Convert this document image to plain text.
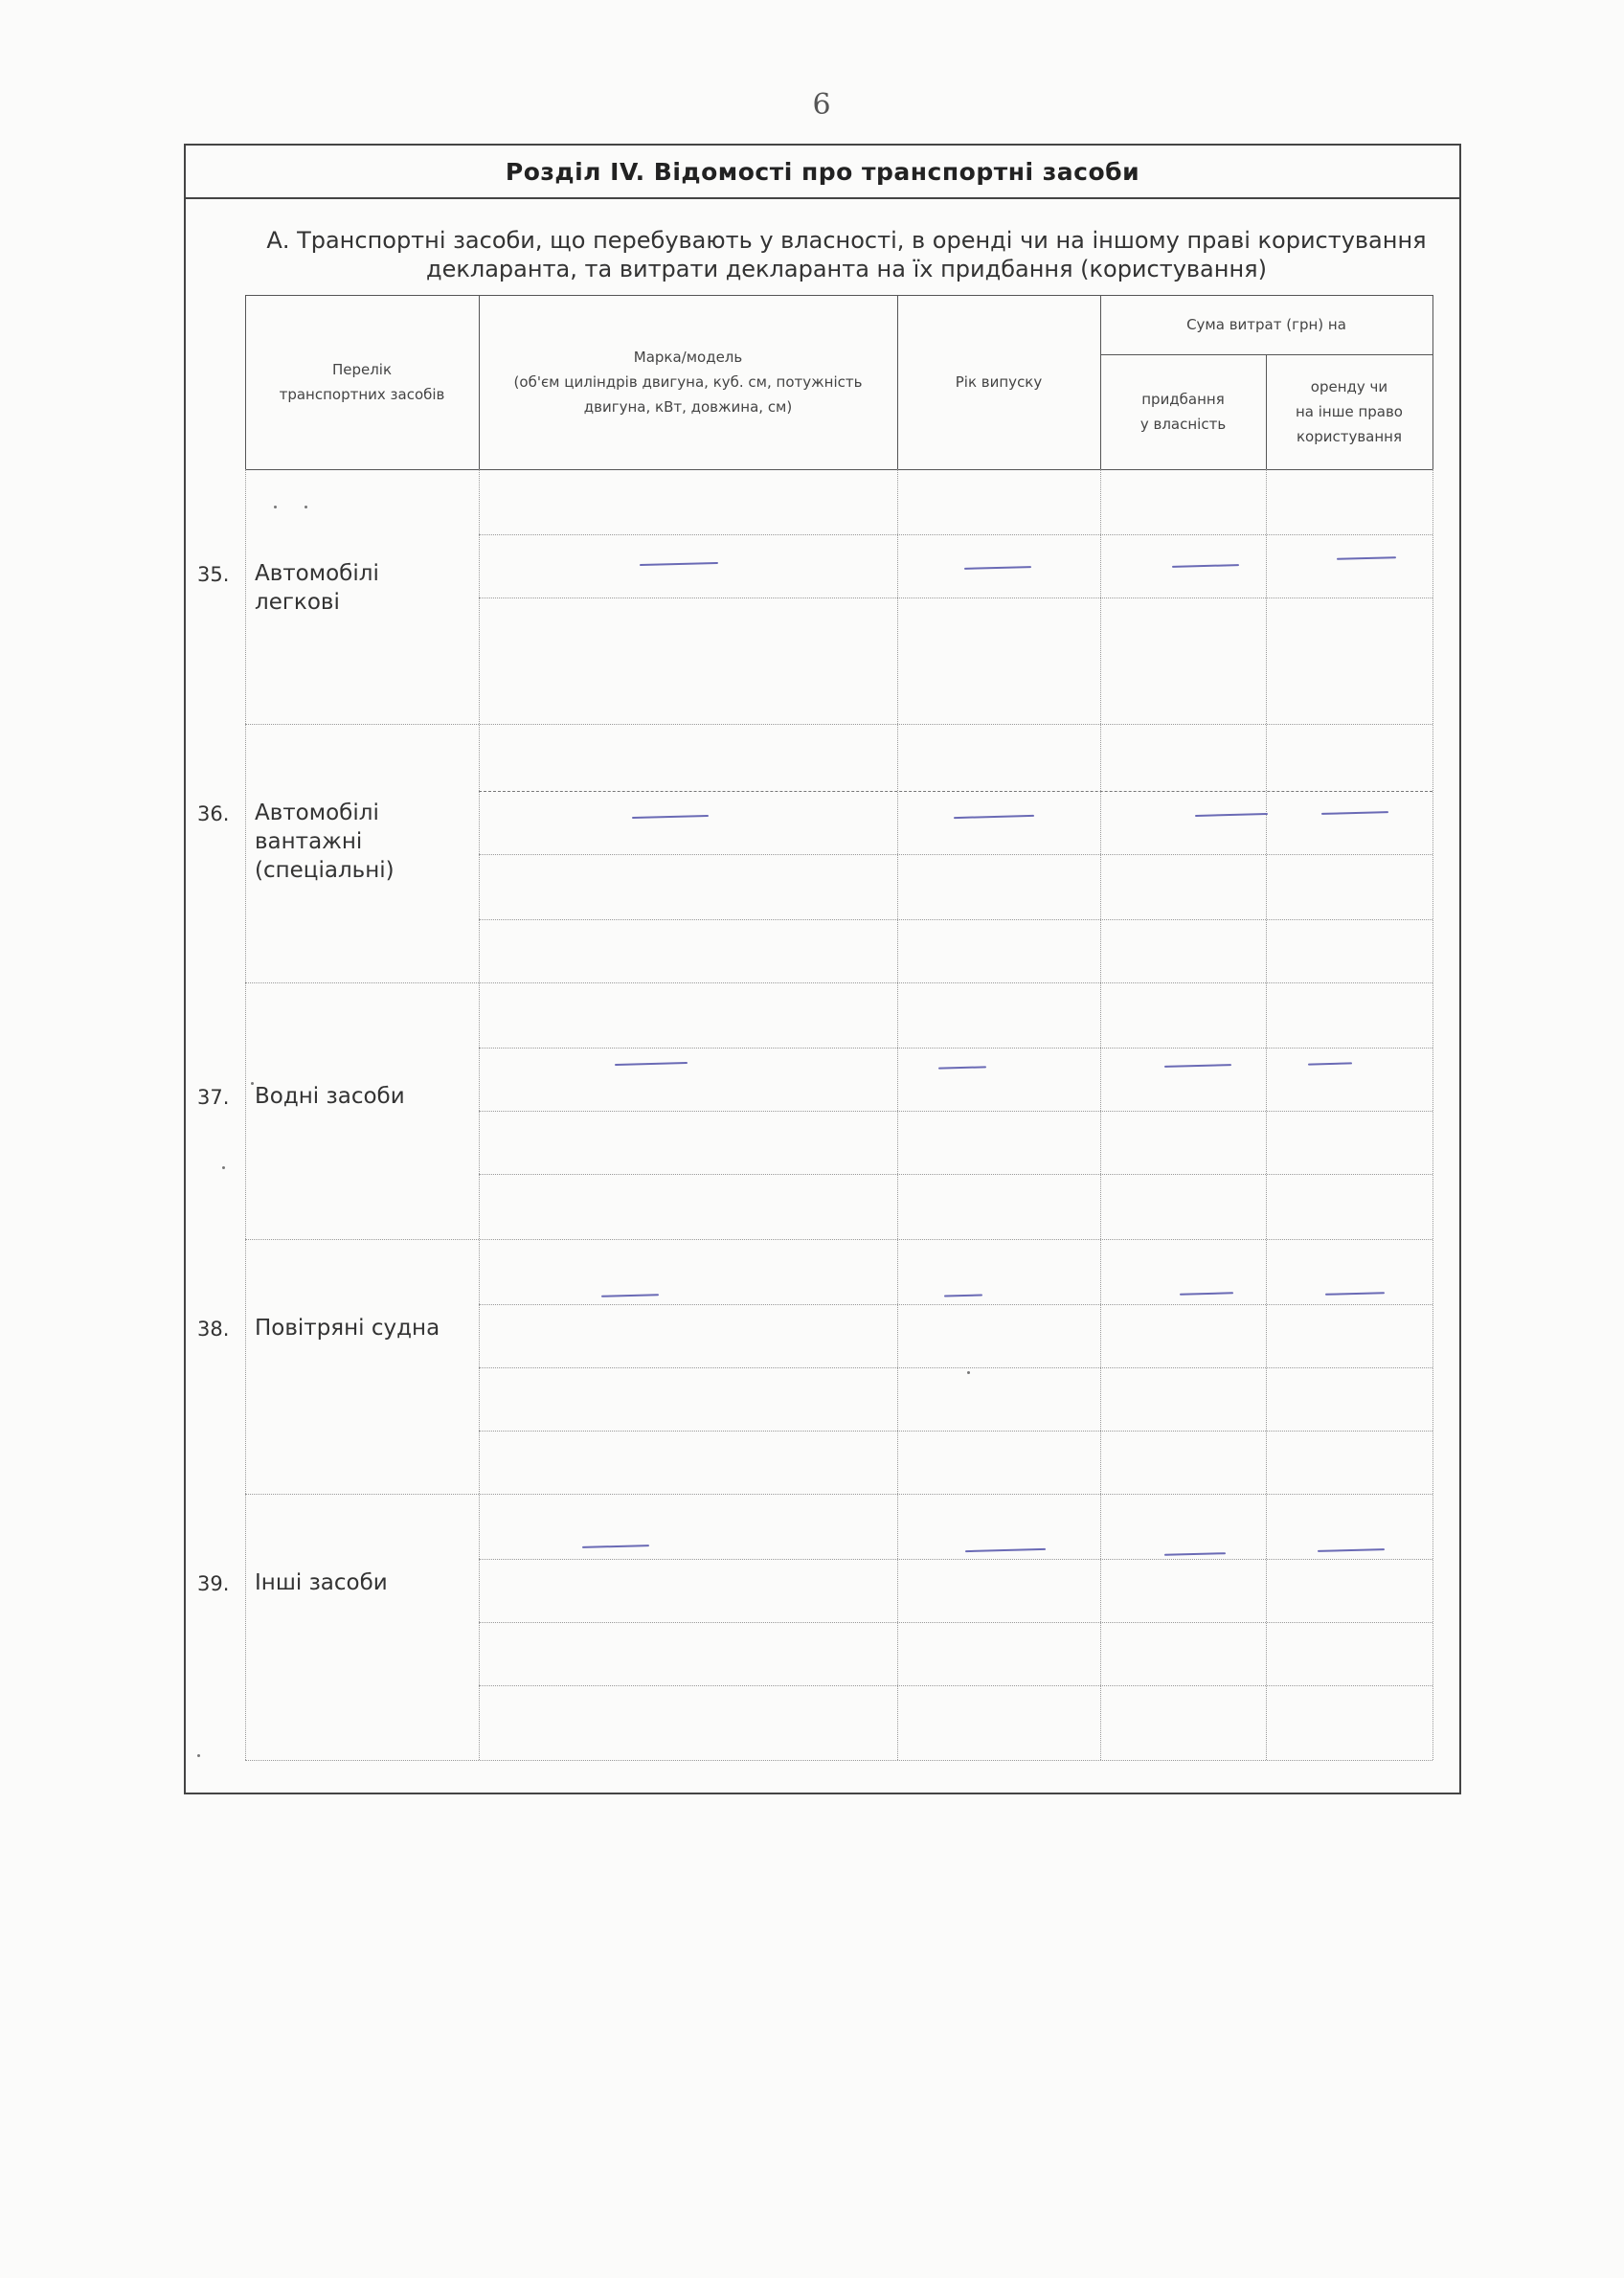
6
Розділ IV. Відомості про транспортні засоби
А. Транспортні засоби, що перебувають у власності, в оренді чи на іншому праві користування
декларанта, та витрати декларанта на їх придбання (користування)
Перелік
транспортних засобів
Марка/модель
(об'єм циліндрів двигуна, куб. см, потужність
двигуна, кВт, довжина, см)
Рік випуску
Сума витрат (грн) на
придбання
у власність
оренду чи
на інше право
користування
35. Автомобілі
легкові
36. Автомобілі
вантажні
(спеціальні)
37. Водні засоби
38. Повітряні судна
39. Інші засоби
